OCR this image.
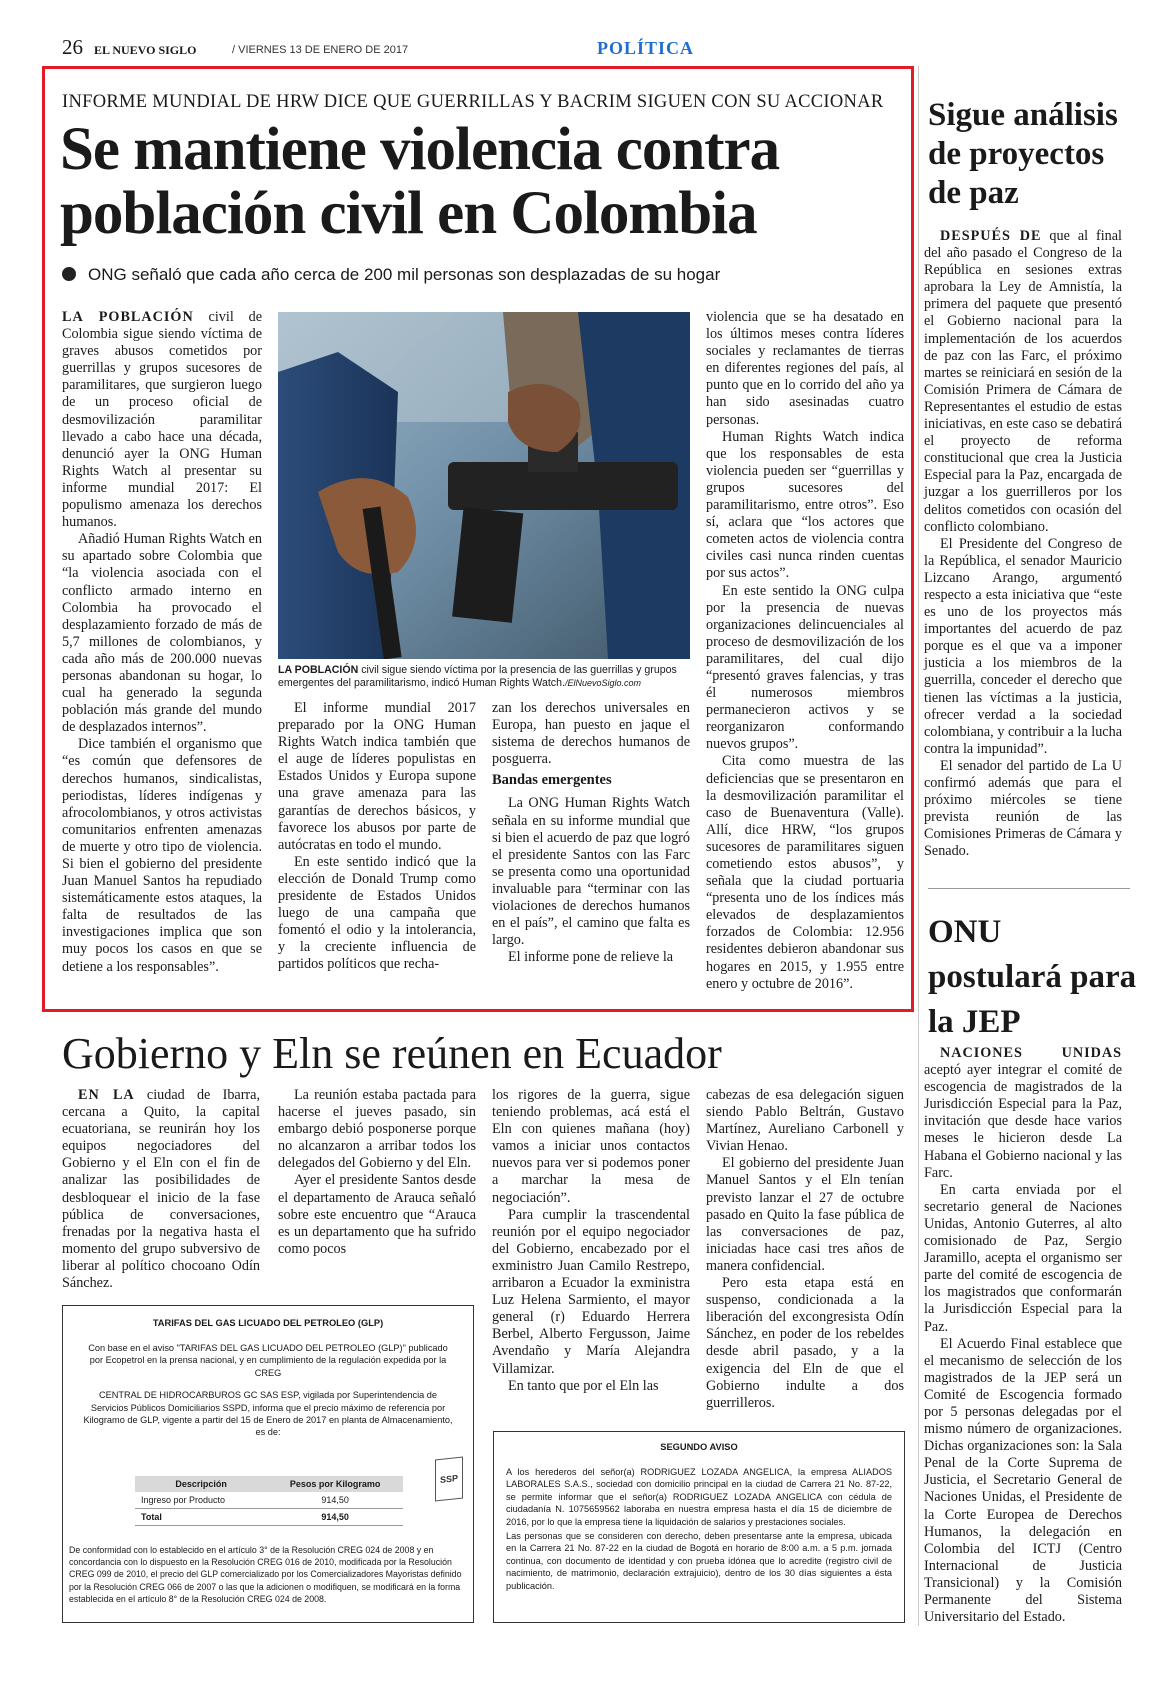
26 EL NUEVO SIGLO	/ VIERNES 13 DE ENERO DE 2017	POLÍTICA
INFORME MUNDIAL DE HRW DICE QUE GUERRILLAS Y BACRIM SIGUEN CON SU ACCIONAR
Se mantiene violencia contra población civil en Colombia
ONG señaló que cada año cerca de 200 mil personas son desplazadas de su hogar

LA POBLACIÓN civil de Colombia sigue siendo víctima de graves abusos cometidos por guerrillas y grupos sucesores de paramilitares, que surgieron luego de un proceso oficial de desmovilización paramilitar llevado a cabo hace una década, denunció ayer la ONG Human Rights Watch al presentar su informe mundial 2017: El populismo amenaza los derechos humanos.

Añadió Human Rights Watch en su apartado sobre Colombia que “la violencia asociada con el conflicto armado interno en Colombia ha provocado el desplazamiento forzado de más de 5,7 millones de colombianos, y cada año más de 200.000 nuevas personas abandonan su hogar, lo cual ha generado la segunda población más grande del mundo de desplazados internos”.

Dice también el organismo que “es común que defensores de derechos humanos, sindicalistas, periodistas, líderes indígenas y afrocolombianos, y otros activistas comunitarios enfrenten amenazas de muerte y otro tipo de violencia. Si bien el gobierno del presidente Juan Manuel Santos ha repudiado sistemáticamente estos ataques, la falta de resultados de las investigaciones implica que son muy pocos los casos en que se detiene a los responsables”.

LA POBLACIÓN civil sigue siendo víctima por la presencia de las guerrillas y grupos emergentes del paramilitarismo, indicó Human Rights Watch./ElNuevoSiglo.com

El informe mundial 2017 preparado por la ONG Human Rights Watch indica también que el auge de líderes populistas en Estados Unidos y Europa supone una grave amenaza para las garantías de derechos básicos, y favorece los abusos por parte de autócratas en todo el mundo.

En este sentido indicó que la elección de Donald Trump como presidente de Estados Unidos luego de una campaña que fomentó el odio y la intolerancia, y la creciente influencia de partidos políticos que recha-

zan los derechos universales en Europa, han puesto en jaque el sistema de derechos humanos de posguerra.

Bandas emergentes

La ONG Human Rights Watch señala en su informe mundial que si bien el acuerdo de paz que logró el presidente Santos con las Farc se presenta como una oportunidad invaluable para “terminar con las violaciones de derechos humanos en el país”, el camino que falta es largo.

El informe pone de relieve la

violencia que se ha desatado en los últimos meses contra líderes sociales y reclamantes de tierras en diferentes regiones del país, al punto que en lo corrido del año ya han sido asesinadas cuatro personas.

Human Rights Watch indica que los responsables de esta violencia pueden ser “guerrillas y grupos sucesores del paramilitarismo, entre otros”. Eso sí, aclara que “los actores que cometen actos de violencia contra civiles casi nunca rinden cuentas por sus actos”.

En este sentido la ONG culpa por la presencia de nuevas organizaciones delincuenciales al proceso de desmovilización de los paramilitares, del cual dijo “presentó graves falencias, y tras él numerosos miembros permanecieron activos y se reorganizaron conformando nuevos grupos”.

Cita como muestra de las deficiencias que se presentaron en la desmovilización paramilitar el caso de Buenaventura (Valle). Allí, dice HRW, “los grupos sucesores de paramilitares siguen cometiendo estos abusos”, y señala que la ciudad portuaria “presenta uno de los índices más elevados de desplazamientos forzados de Colombia: 12.956 residentes debieron abandonar sus hogares en 2015, y 1.955 entre enero y octubre de 2016”.

Sigue análisis de proyectos de paz

DESPUÉS DE que al final del año pasado el Congreso de la República en sesiones extras aprobara la Ley de Amnistía, la primera del paquete que presentó el Gobierno nacional para la implementación de los acuerdos de paz con las Farc, el próximo martes se reiniciará en sesión de la Comisión Primera de Cámara de Representantes el estudio de estas iniciativas, en este caso se debatirá el proyecto de reforma constitucional que crea la Justicia Especial para la Paz, encargada de juzgar a los guerrilleros por los delitos cometidos con ocasión del conflicto colombiano.

El Presidente del Congreso de la República, el senador Mauricio Lizcano Arango, argumentó respecto a esta iniciativa que “este es uno de los proyectos más importantes del acuerdo de paz porque es el que va a imponer justicia a los miembros de la guerrilla, conceder el derecho que tienen las víctimas a la justicia, ofrecer verdad a la sociedad colombiana, y contribuir a la lucha contra la impunidad”.

El senador del partido de La U confirmó además que para el próximo miércoles se tiene prevista reunión de las Comisiones Primeras de Cámara y Senado.

ONU postulará para la JEP

NACIONES UNIDAS aceptó ayer integrar el comité de escogencia de magistrados de la Jurisdicción Especial para la Paz, invitación que desde hace varios meses le hicieron desde La Habana el Gobierno nacional y las Farc.

En carta enviada por el secretario general de Naciones Unidas, Antonio Guterres, al alto comisionado de Paz, Sergio Jaramillo, acepta el organismo ser parte del comité de escogencia de los magistrados que conformarán la Jurisdicción Especial para la Paz.

El Acuerdo Final establece que el mecanismo de selección de los magistrados de la JEP será un Comité de Escogencia formado por 5 personas delegadas por el mismo número de organizaciones. Dichas organizaciones son: la Sala Penal de la Corte Suprema de Justicia, el Secretario General de Naciones Unidas, el Presidente de la Corte Europea de Derechos Humanos, la delegación en Colombia del ICTJ (Centro Internacional de Justicia Transicional) y la Comisión Permanente del Sistema Universitario del Estado.

Gobierno y Eln se reúnen en Ecuador

EN LA ciudad de Ibarra, cercana a Quito, la capital ecuatoriana, se reunirán hoy los equipos negociadores del Gobierno y el Eln con el fin de analizar las posibilidades de desbloquear el inicio de la fase pública de conversaciones, frenadas por la negativa hasta el momento del grupo subversivo de liberar al político chocoano Odín Sánchez.

La reunión estaba pactada para hacerse el jueves pasado, sin embargo debió posponerse porque no alcanzaron a arribar todos los delegados del Gobierno y del Eln.

Ayer el presidente Santos desde el departamento de Arauca señaló sobre este encuentro que “Arauca es un departamento que ha sufrido como pocos

los rigores de la guerra, sigue teniendo problemas, acá está el Eln con quienes mañana (hoy) vamos a iniciar unos contactos nuevos para ver si podemos poner a marchar la mesa de negociación”.

Para cumplir la trascendental reunión por el equipo negociador del Gobierno, encabezado por el exministro Juan Camilo Restrepo, arribaron a Ecuador la exministra Luz Helena Sarmiento, el mayor general (r) Eduardo Herrera Berbel, Alberto Fergusson, Jaime Avendaño y María Alejandra Villamizar.

En tanto que por el Eln las

cabezas de esa delegación siguen siendo Pablo Beltrán, Gustavo Martínez, Aureliano Carbonell y Vivian Henao.

El gobierno del presidente Juan Manuel Santos y el Eln tenían previsto lanzar el 27 de octubre pasado en Quito la fase pública de las conversaciones de paz, iniciadas hace casi tres años de manera confidencial.

Pero esta etapa está en suspenso, condicionada a la liberación del excongresista Odín Sánchez, en poder de los rebeldes desde abril pasado, y a la exigencia del Eln de que el Gobierno indulte a dos guerrilleros.

TARIFAS DEL GAS LICUADO DEL PETROLEO (GLP)
Con base en el aviso "TARIFAS DEL GAS LICUADO DEL PETROLEO (GLP)" publicado por Ecopetrol en la prensa nacional, y en cumplimiento de la regulación expedida por la CREG
CENTRAL DE HIDROCARBUROS GC SAS ESP, vigilada por Superintendencia de Servicios Públicos Domiciliarios SSPD, informa que el precio máximo de referencia por Kilogramo de GLP, vigente a partir del 15 de Enero de 2017 en planta de Almacenamiento, es de:
Descripción	Pesos por Kilogramo
Ingreso por Producto	914,50
Total	914,50
SSP
De conformidad con lo establecido en el artículo 3° de la Resolución CREG 024 de 2008 y en concordancia con lo dispuesto en la Resolución CREG 016 de 2010, modificada por la Resolución CREG 099 de 2010, el precio del GLP comercializado por los Comercializadores Mayoristas definido por la Resolución CREG 066 de 2007 o las que la adicionen o modifiquen, se modificará en la forma establecida en el artículo 8° de la Resolución CREG 024 de 2008.
SEGUNDO AVISO
A los herederos del señor(a) RODRIGUEZ LOZADA ANGELICA, la empresa ALIADOS LABORALES S.A.S., sociedad con domicilio principal en la ciudad de Carrera 21 No. 87-22, se permite informar que el señor(a) RODRIGUEZ LOZADA ANGELICA con cédula de ciudadanía N. 1075659562 laboraba en nuestra empresa hasta el día 15 de diciembre de 2016, por lo que la empresa tiene la liquidación de salarios y prestaciones sociales.
Las personas que se consideren con derecho, deben presentarse ante la empresa, ubicada en la Carrera 21 No. 87-22 en la ciudad de Bogotá en horario de 8:00 a.m. a 5 p.m. jornada continua, con documento de identidad y con prueba idónea que lo acredite (registro civil de nacimiento, de matrimonio, declaración extrajuicio), dentro de los 30 días siguientes a ésta publicación.
